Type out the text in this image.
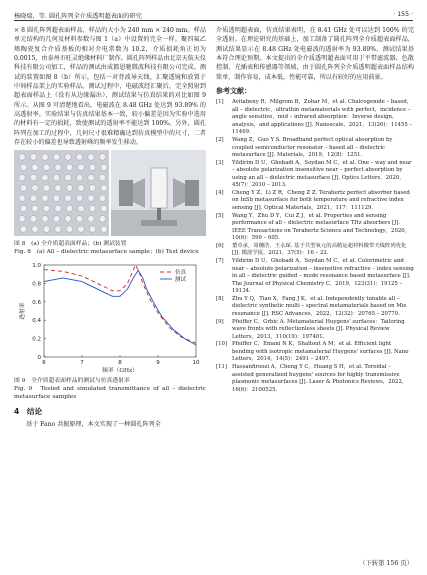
杨晓瑞，等. 圆孔阵列全介质透明超表面的研究	· 155 ·

× 8 圆孔阵列超表面样品，样品的大小为 240 mm × 240 mm。样品单元结构的几何及材料参数与图 1（a）中设置的完全一样。聚四氟乙烯陶瓷复合介质基板的相对介电常数为 10.2，介质损耗角正切为 0.0015，由泰州市旺灵绝缘材料厂制作。圆孔阵列样品由北京天航天仪科技有限公司加工，样品的测试由成都恩驰微波科技有限公司完成。测试的装置如图 8（b）所示，包括一对背波导天线、汇聚透镜和放置于中间样品架上的实验样品。测试过程中，电磁波经汇聚后，完全照射到超表面样品上（没有从边缘漏出），测试结果与仿真结果的对比如图 9 所示。从图 9 可清楚地看出，电磁波在 8.48 GHz 处达到 93.89% 的高透射率。实验结果与仿真结果基本一致，较小偏差是因为实验中选用的材料有一定的损耗，致使测试的透射率不能达到 100%。另外，圆孔阵列在加工的过程中，几何尺寸很难精确达到仿真模型中的尺寸，二者存在较小的偏差也导致透射峰的频率发生移动。

图 8　(a) 全介质超表面样品；(b) 测试装置
Fig. 8　(a) All – dielectric metasurface sample；(b) Test device
6	7	8	9	10
0
0.2
0.4
0.6
0.8
1.0
频率（GHz）
透射率
仿真
测试
图 9　全介质超表面样品的测试与仿真透射率
Fig. 9　Tested and simulated transmittance of all – dielectric metasurface samples
4　结论

基于 Fano 共振原理，本文实现了一种圆孔阵列全

介质透明超表面，仿真结果表明，在 8.41 GHz 处可以达到 100% 的完全透射。在理论研究的基础上，加工制备了圆孔阵列全介质超表面样品，测试结果显示在 8.48 GHz 处电磁波的透射率为 93.89%，测试结果基本符合理论预期。本文提出的全介质透明超表面可用于平带滤波器、色散控制、光插表和传感器等领域，由于圆孔阵列全介质透明超表面样品结构简单，制作容易，成本低，性能可靠，所以有较好的应用前景。

参考文献：
[1]	Avitabeny R，Milgrom B，Zohar M，et al. Chalcogenide – based，all – dielectric，ultrathin metamaterials with perfect，incidence – angle sensitive，mid – infrared absorption：Inverse design，analysis，and applications [J]. Nanoscale，2021，13(26)：11455 – 11469.
[2]	Wang Z，Guo Y S. Broadband perfect optical absorption by coupled semiconductor resonator – based all – dielectric metasurface [J]. Materials，2019，12(8)：1251.
[3]	Yildirim D U，Ghobadi A，Soydan M C，et al. One – way and near – absolute polarization insensitive near – perfect absorption by using an all – dielectric metasurface [J]. Optics Letters，2020，45(7)：2010 – 2013.
[4]	Cheng Y Z，Li Z R，Cheng Z Z. Terahertz perfect absorber based on InSb metasurface for both temperature and refractive index sensing [J]. Optical Materials，2021，117：111129.
[5]	Wang Y，Zhu D Y，Cui Z J，et al. Properties and sensing performance of all – dielectric metasurface THz absorbers [J]. IEEE Transactions on Terahertz Science and Technology，2020，10(6)：599 – 605.
[6]	董卓承，周穗浩，王永琛. 基于共型氧元的高精运超材料微带天线阵列优化 [J]. 微波学报，2021，37(5)：16 – 22.
[7]	Yildirim D U，Ghobadi A，Soydan M C，et al. Colorimetric and near – absolute polarization – insensitive refractive – index sensing in all – dielectric guided – mode resonance based metasurface [J]. The Journal of Physical Chemistry C，2019，123(31)：19125 – 19134.
[8]	Zhu Y Q，Tian X，Fang J K，et al. Independently tunable all – dielectric synthetic multi – spectral metamaterials based on Mie resonance [J]. RSC Advances，2022，12(32)：20765 – 20770.
[9]	Pfeiffer C，Grbic A. Metamaterial Huygens' surfaces：Tailoring wave fronts with reflectionless sheets [J]. Physical Review Letters，2013，110(19)：197401.
[10] Pfeiffer C，Emani N K，Shaltout A M，et al. Efficient light bending with isotropic metamaterial Huygens' surfaces [J]. Nano Letters，2014，14(5)：2491 – 2497.
[11] Hassanfiroozi A，Cheng Y C，Huang S H，et al. Toroidal – assisted generalized huygens' sources for highly transmissive plasmonic metasurfaces [J]. Laser & Photonics Reviews，2022，16(6)：2100525.
（下转第 156 页）
